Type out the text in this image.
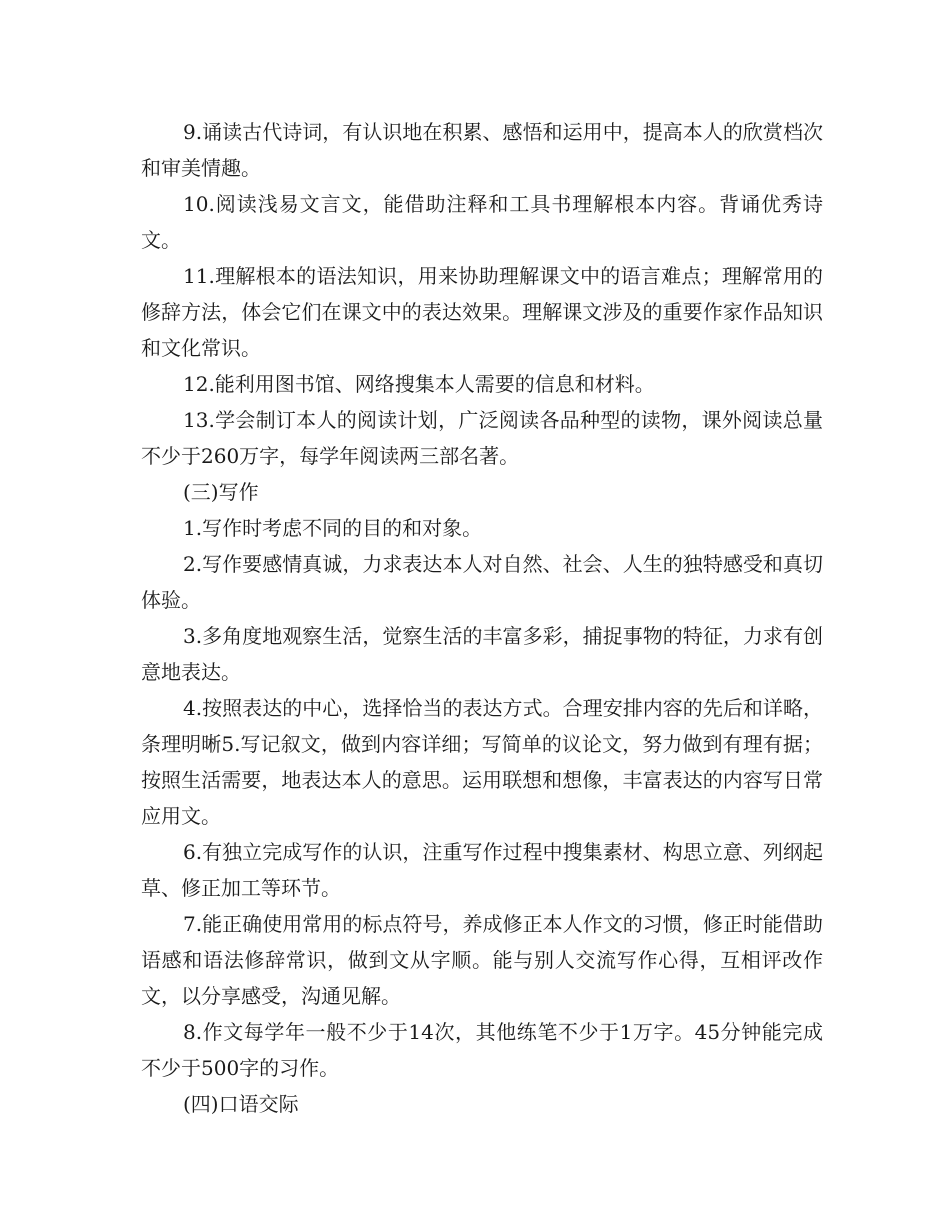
9.诵读古代诗词，有认识地在积累、感悟和运用中，提高本人的欣赏档次和审美情趣。

10.阅读浅易文言文，能借助注释和工具书理解根本内容。背诵优秀诗文。

11.理解根本的语法知识，用来协助理解课文中的语言难点；理解常用的修辞方法，体会它们在课文中的表达效果。理解课文涉及的重要作家作品知识和文化常识。

12.能利用图书馆、网络搜集本人需要的信息和材料。

13.学会制订本人的阅读计划，广泛阅读各品种型的读物，课外阅读总量不少于260万字，每学年阅读两三部名著。

(三)写作

1.写作时考虑不同的目的和对象。

2.写作要感情真诚，力求表达本人对自然、社会、人生的独特感受和真切体验。

3.多角度地观察生活，觉察生活的丰富多彩，捕捉事物的特征，力求有创意地表达。

4.按照表达的中心，选择恰当的表达方式。合理安排内容的先后和详略，条理明晰5.写记叙文，做到内容详细；写简单的议论文，努力做到有理有据；按照生活需要，地表达本人的意思。运用联想和想像，丰富表达的内容写日常应用文。

6.有独立完成写作的认识，注重写作过程中搜集素材、构思立意、列纲起草、修正加工等环节。

7.能正确使用常用的标点符号，养成修正本人作文的习惯，修正时能借助语感和语法修辞常识，做到文从字顺。能与别人交流写作心得，互相评改作文，以分享感受，沟通见解。

8.作文每学年一般不少于14次，其他练笔不少于1万字。45分钟能完成不少于500字的习作。

(四)口语交际
